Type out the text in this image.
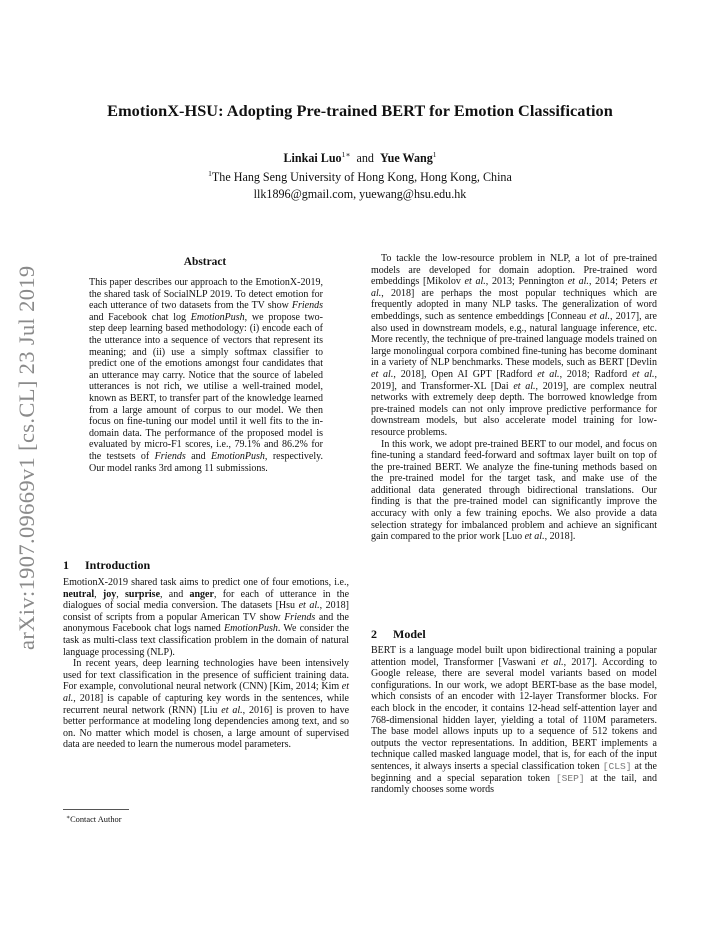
EmotionX-HSU: Adopting Pre-trained BERT for Emotion Classification
Linkai Luo$^{1∗}$ and Yue Wang$^1$
$^1$The Hang Seng University of Hong Kong, Hong Kong, China
llk1896@gmail.com, yuewang@hsu.edu.hk
arXiv:1907.09669v1 [cs.CL] 23 Jul 2019
Abstract

This paper describes our approach to the EmotionX-2019, the shared task of SocialNLP 2019. To detect emotion for each utterance of two datasets from the TV show Friends and Facebook chat log EmotionPush, we propose two-step deep learning based methodology: (i) encode each of the utterance into a sequence of vectors that represent its meaning; and (ii) use a simply softmax classifier to predict one of the emotions amongst four candidates that an utterance may carry. Notice that the source of labeled utterances is not rich, we utilise a well-trained model, known as BERT, to transfer part of the knowledge learned from a large amount of corpus to our model. We then focus on fine-tuning our model until it well fits to the in-domain data. The performance of the proposed model is evaluated by micro-F1 scores, i.e., 79.1% and 86.2% for the testsets of Friends and EmotionPush, respectively. Our model ranks 3rd among 11 submissions.

1 Introduction

EmotionX-2019 shared task aims to predict one of four emotions, i.e., neutral, joy, surprise, and anger, for each of utterance in the dialogues of social media conversion. The datasets [Hsu et al., 2018] consist of scripts from a popular American TV show Friends and the anonymous Facebook chat logs named EmotionPush. We consider the task as multi-class text classification problem in the domain of natural language processing (NLP).

In recent years, deep learning technologies have been intensively used for text classification in the presence of sufficient training data. For example, convolutional neural network (CNN) [Kim, 2014; Kim et al., 2018] is capable of capturing key words in the sentences, while recurrent neural network (RNN) [Liu et al., 2016] is proven to have better performance at modeling long dependencies among text, and so on. No matter which model is chosen, a large amount of supervised data are needed to learn the numerous model parameters.

∗Contact Author

To tackle the low-resource problem in NLP, a lot of pre-trained models are developed for domain adoption. Pre-trained word embeddings [Mikolov et al., 2013; Pennington et al., 2014; Peters et al., 2018] are perhaps the most popular techniques which are frequently adopted in many NLP tasks. The generalization of word embeddings, such as sentence embeddings [Conneau et al., 2017], are also used in downstream models, e.g., natural language inference, etc. More recently, the technique of pre-trained language models trained on large monolingual corpora combined fine-tuning has become dominant in a variety of NLP benchmarks. These models, such as BERT [Devlin et al., 2018], Open AI GPT [Radford et al., 2018; Radford et al., 2019], and Transformer-XL [Dai et al., 2019], are complex neutral networks with extremely deep depth. The borrowed knowledge from pre-trained models can not only improve predictive performance for downstream models, but also accelerate model training for low-resource problems.

In this work, we adopt pre-trained BERT to our model, and focus on fine-tuning a standard feed-forward and softmax layer built on top of the pre-trained BERT. We analyze the fine-tuning methods based on the pre-trained model for the target task, and make use of the additional data generated through bidirectional translations. Our finding is that the pre-trained model can significantly improve the accuracy with only a few training epochs. We also provide a data selection strategy for imbalanced problem and achieve an significant gain compared to the prior work [Luo et al., 2018].

2 Model

BERT is a language model built upon bidirectional training a popular attention model, Transformer [Vaswani et al., 2017]. According to Google release, there are several model variants based on model configurations. In our work, we adopt BERT-base as the base model, which consists of an encoder with 12-layer Transformer blocks. For each block in the encoder, it contains 12-head self-attention layer and 768-dimensional hidden layer, yielding a total of 110M parameters. The base model allows inputs up to a sequence of 512 tokens and outputs the vector representations. In addition, BERT implements a technique called masked language model, that is, for each of the input sentences, it always inserts a special classification token [CLS] at the beginning and a special separation token [SEP] at the tail, and randomly chooses some words
